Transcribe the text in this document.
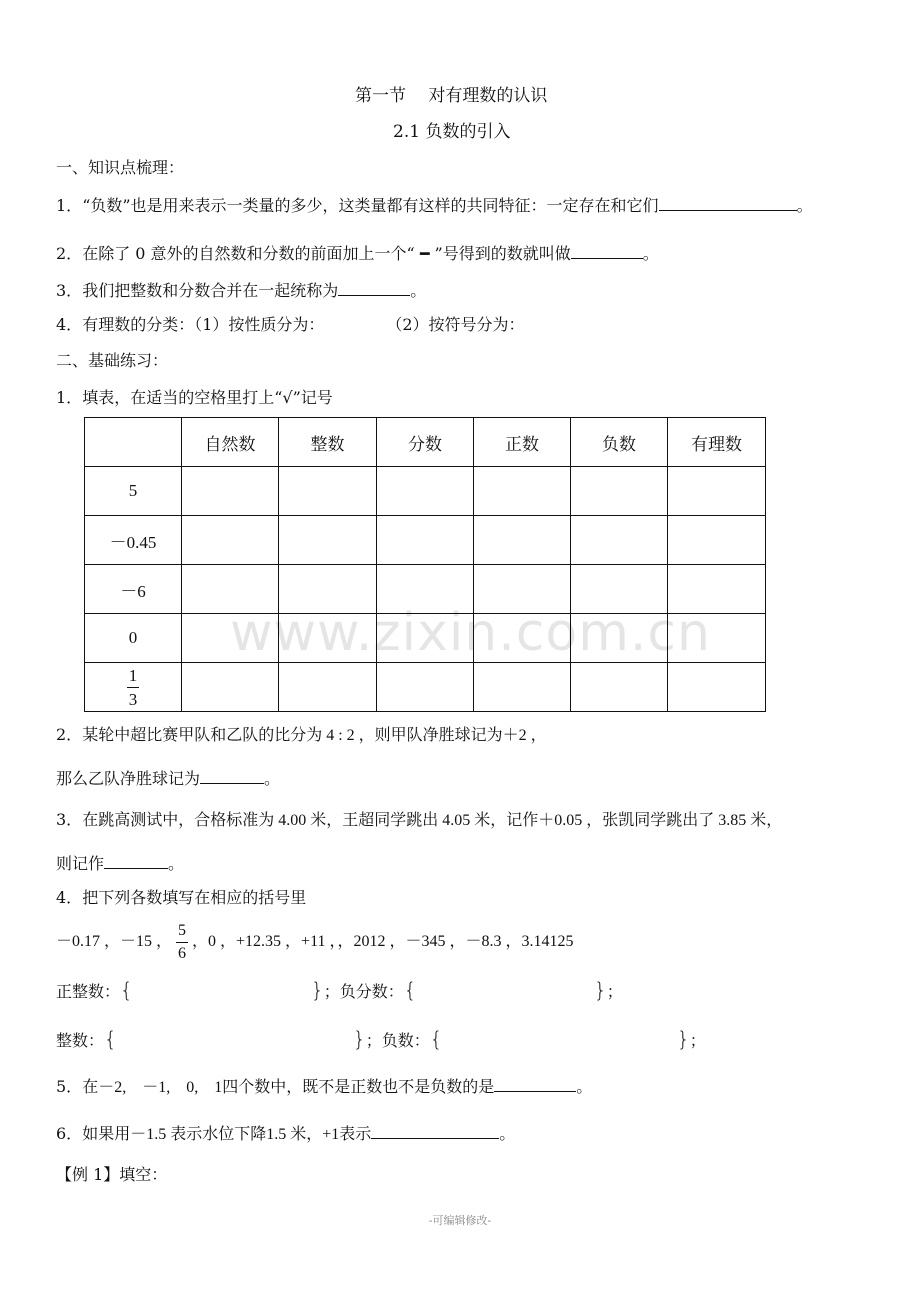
第一节　 对有理数的认识
2.1 负数的引入
一、知识点梳理：
1．“负数”也是用来表示一类量的多少，这类量都有这样的共同特征：一定存在和它们	。
2．在除了 0 意外的自然数和分数的前面加上一个“ ━ ”号得到的数就叫做	。
3．我们把整数和分数合并在一起统称为	。
4．有理数的分类：（1）按性质分为：	（2）按符号分为：
二、基础练习：
1．填表，在适当的空格里打上“√”记号
	自然数	整数	分数	正数	负数	有理数
5						
－0.45						
－6						
0						

$\frac{1}{3}$

www.zixin.com.cn
2．某轮中超比赛甲队和乙队的比分为 4 : 2 ，则甲队净胜球记为＋2 ，
那么乙队净胜球记为	。
3．在跳高测试中，合格标准为 4.00 米，王超同学跳出 4.05 米，记作＋0.05 ，张凯同学跳出了 3.85 米，
则记作	。
4．把下列各数填写在相应的括号里
－0.17 ，－15 ， $\frac{5}{6}$ ，0 ，+12.35 ，+11 ，，2012 ，－345 ，－8.3 ，3.14125
正整数：{	}；负分数：{	}；
整数：{	}；负数：{	}；
5．在－2,　－1,　0,　1四个数中，既不是正数也不是负数的是	。
6．如果用－1.5 表示水位下降1.5 米，+1表示	。
【例 1】填空：
-可编辑修改-
